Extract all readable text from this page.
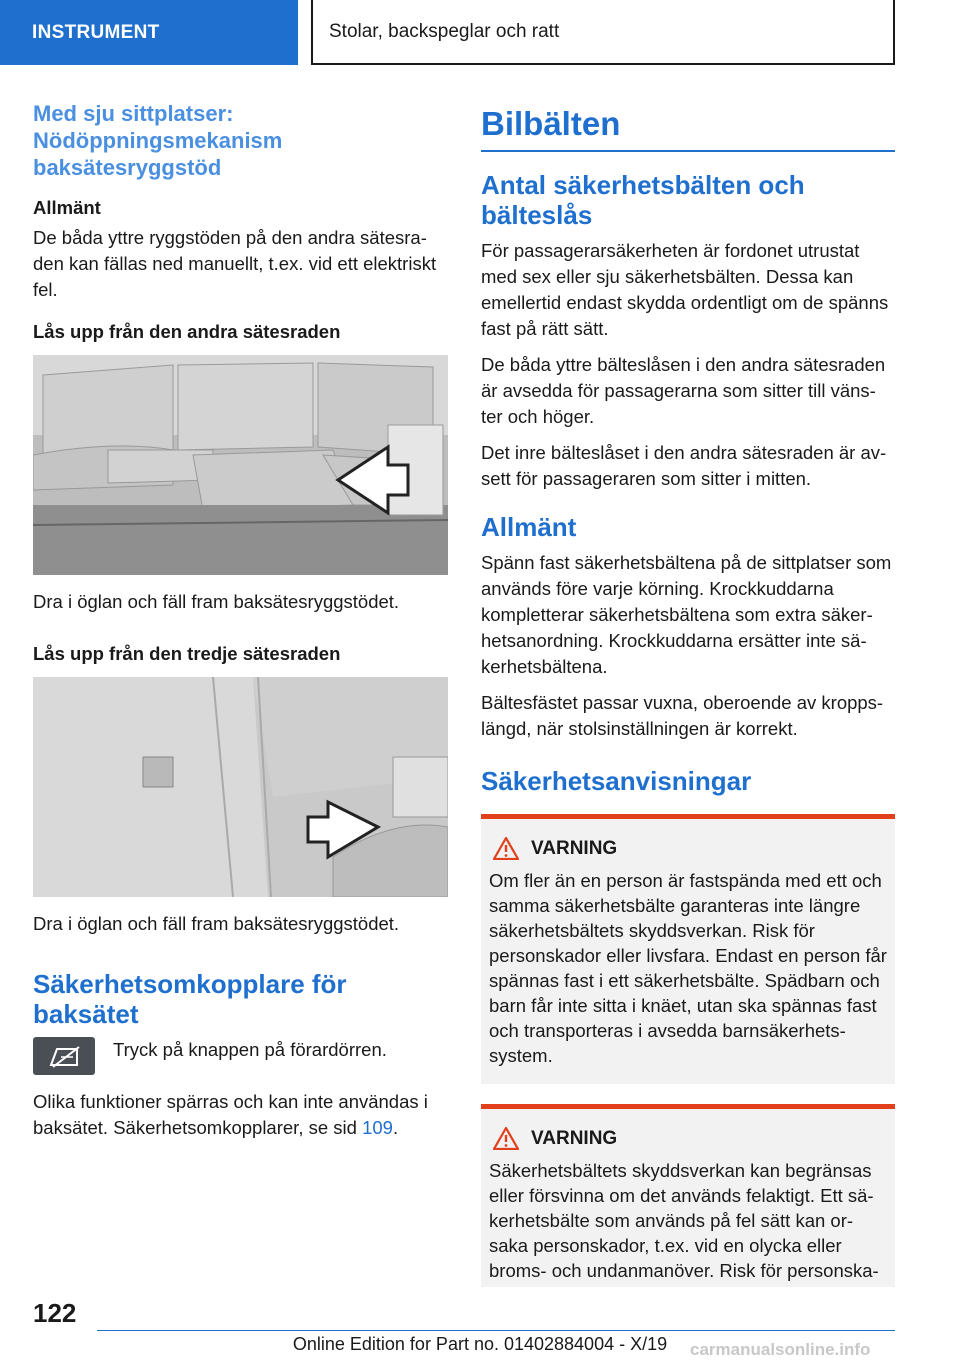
INSTRUMENT	Stolar, backspeglar och ratt
Med sju sittplatser: Nödöppningsmekanism baksätesryggstöd
Allmänt

De båda yttre ryggstöden på den andra sätesra-den kan fällas ned manuellt, t.ex. vid ett elektriskt fel.

Lås upp från den andra sätesraden

Dra i öglan och fäll fram baksätesryggstödet.

Lås upp från den tredje sätesraden

Dra i öglan och fäll fram baksätesryggstödet.

Säkerhetsomkopplare för baksätet

Tryck på knappen på förardörren.

Olika funktioner spärras och kan inte användas i baksätet. Säkerhetsomkopplarer, se sid 109.

Bilbälten
Antal säkerhetsbälten och bälteslås

För passagerarsäkerheten är fordonet utrustat med sex eller sju säkerhetsbälten. Dessa kan emellertid endast skydda ordentligt om de spänns fast på rätt sätt.

De båda yttre bälteslåsen i den andra sätesraden är avsedda för passagerarna som sitter till väns-ter och höger.

Det inre bälteslåset i den andra sätesraden är av-sett för passageraren som sitter i mitten.

Allmänt

Spänn fast säkerhetsbältena på de sittplatser som används före varje körning. Krockkuddarna kompletterar säkerhetsbältena som extra säker-hetsanordning. Krockkuddarna ersätter inte sä-kerhetsbältena.

Bältesfästet passar vuxna, oberoende av kropps-längd, när stolsinställningen är korrekt.

Säkerhetsanvisningar
VARNING

Om fler än en person är fastspända med ett och samma säkerhetsbälte garanteras inte längre säkerhetsbältets skyddsverkan. Risk för personskador eller livsfara. Endast en person får spännas fast i ett säkerhetsbälte. Spädbarn och barn får inte sitta i knäet, utan ska spännas fast och transporteras i avsedda barnsäkerhets-system.

VARNING

Säkerhetsbältets skyddsverkan kan begränsas eller försvinna om det används felaktigt. Ett sä-kerhetsbälte som används på fel sätt kan or-saka personskador, t.ex. vid en olycka eller broms- och undanmanöver. Risk för personska-

122
Online Edition for Part no. 01402884004 - X/19	carmanualsonline.info
